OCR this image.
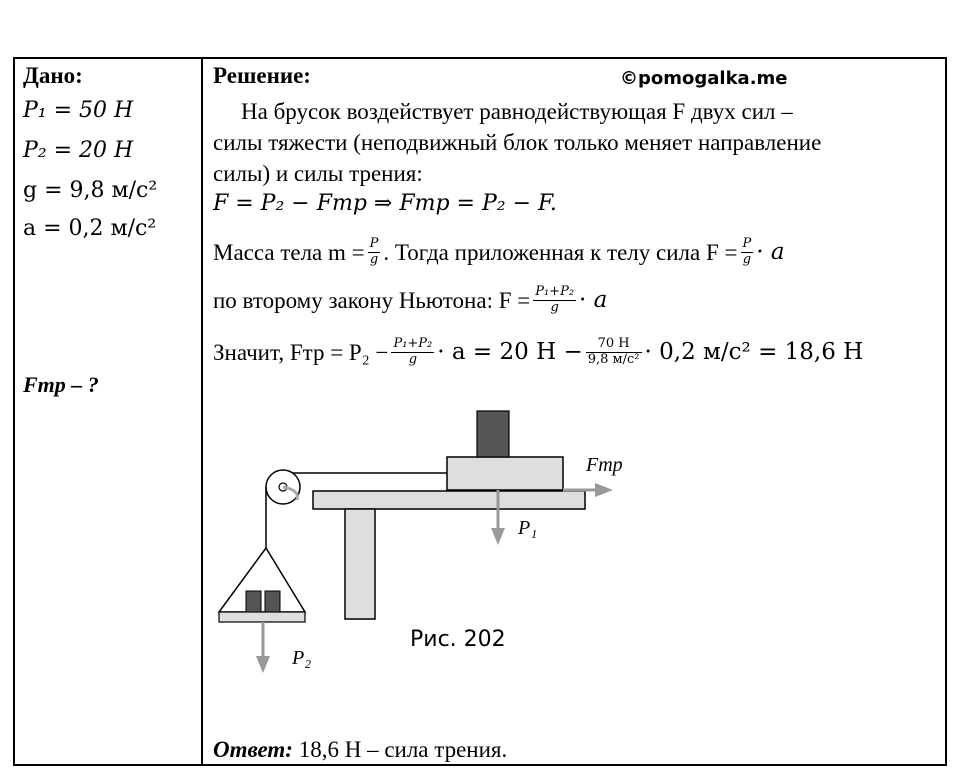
Дано:
P₁ = 50 H
P₂ = 20 H
g = 9,8 м/с²
a = 0,2 м/с²
Fтр – ?
Решение:	©pomogalka.me
На брусок воздействует равнодействующая F двух сил –
силы тяжести (неподвижный блок только меняет направление
силы) и силы трения:
F = P₂ − Fтр ⇒ Fтр = P₂ − F.
Масса тела $m = \frac{P}{g}$ . Тогда приложенная к телу сила $F = \frac{P}{g} \cdot a$
по второму закону Ньютона: $F = \frac{\text{P₁+P₂}}{g} \cdot a$
Значит, Fтр = $P_2 - \frac{\text{P₁+P₂}}{g} \cdot a = 20$ $Н - \frac{70 Н}{\text{9,8 м/с²}} \cdot 0,2$ м/с² = 18,6 Н
Fтр
P₁
P₂
Рис. 202
Ответ: 18,6 Н – сила трения.
